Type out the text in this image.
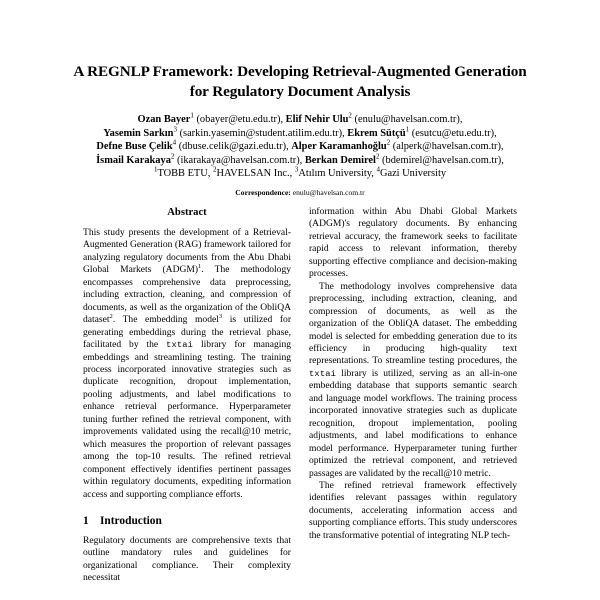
A REGNLP Framework: Developing Retrieval-Augmented Generation for Regulatory Document Analysis
Ozan Bayer$^1$ (obayer@etu.edu.tr), Elif Nehir Ulu$^2$ (enulu@havelsan.com.tr),
Yasemin Sarkın$^3$ (sarkin.yasemin@student.atilim.edu.tr), Ekrem Sütçü$^1$ (esutcu@etu.edu.tr),
Defne Buse Çelik$^4$ (dbuse.celik@gazi.edu.tr), Alper Karamanhoğlu$^2$ (alperk@havelsan.com.tr),
İsmail Karakaya$^2$ (ikarakaya@havelsan.com.tr), Berkan Demirel$^2$ (bdemirel@havelsan.com.tr),
$^1$TOBB ETU, $^2$HAVELSAN Inc., $^3$Atılım University, $^4$Gazi University
Correspondence: enulu@havelsan.com.tr
Abstract

This study presents the development of a Retrieval-Augmented Generation (RAG) framework tailored for analyzing regulatory documents from the Abu Dhabi Global Markets (ADGM)$^1$. The methodology encompasses comprehensive data preprocessing, including extraction, cleaning, and compression of documents, as well as the organization of the ObliQA dataset$^2$. The embedding model$^3$ is utilized for generating embeddings during the retrieval phase, facilitated by the txtai library for managing embeddings and streamlining testing. The training process incorporated innovative strategies such as duplicate recognition, dropout implementation, pooling adjustments, and label modifications to enhance retrieval performance. Hyperparameter tuning further refined the retrieval component, with improvements validated using the recall@10 metric, which measures the proportion of relevant passages among the top-10 results. The refined retrieval component effectively identifies pertinent passages within regulatory documents, expediting information access and supporting compliance efforts.

1 Introduction

Regulatory documents are comprehensive texts that outline mandatory rules and guidelines for organizational compliance. Their complexity necessitat

information within Abu Dhabi Global Markets (ADGM)'s regulatory documents. By enhancing retrieval accuracy, the framework seeks to facilitate rapid access to relevant information, thereby supporting effective compliance and decision-making processes.

The methodology involves comprehensive data preprocessing, including extraction, cleaning, and compression of documents, as well as the organization of the ObliQA dataset. The embedding model is selected for embedding generation due to its efficiency in producing high-quality text representations. To streamline testing procedures, the txtai library is utilized, serving as an all-in-one embedding database that supports semantic search and language model workflows. The training process incorporated innovative strategies such as duplicate recognition, dropout implementation, pooling adjustments, and label modifications to enhance model performance. Hyperparameter tuning further optimized the retrieval component, and retrieved passages are validated by the recall@10 metric.

The refined retrieval framework effectively identifies relevant passages within regulatory documents, accelerating information access and supporting compliance efforts. This study underscores the transformative potential of integrating NLP tech-
